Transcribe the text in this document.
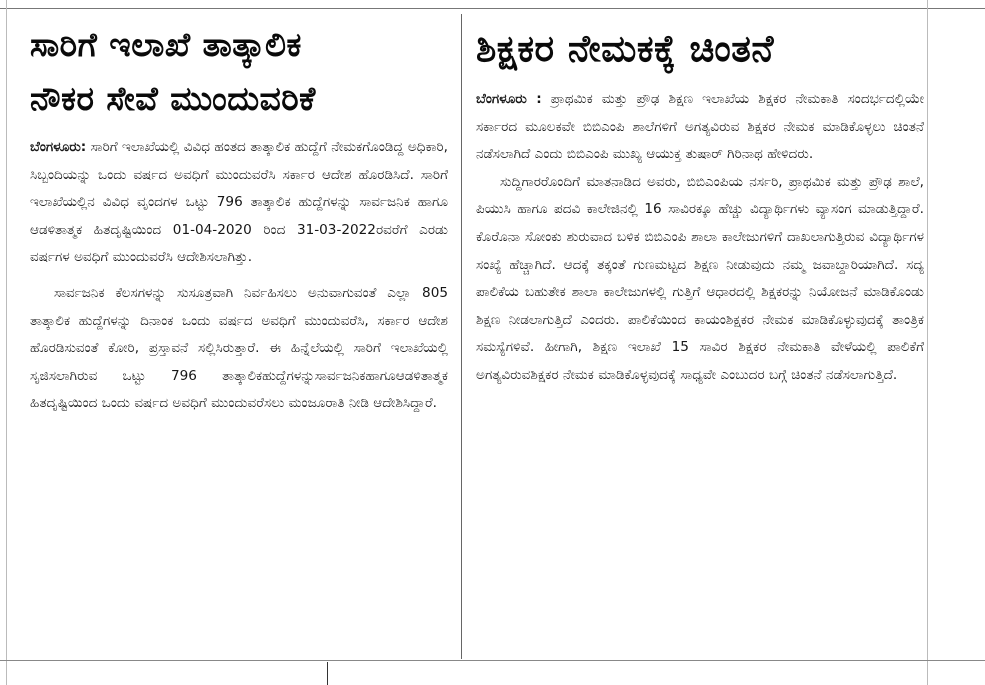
ಸಾರಿಗೆ ಇಲಾಖೆ ತಾತ್ಕಾಲಿಕ
ನೌಕರ ಸೇವೆ ಮುಂದುವರಿಕೆ

ಬೆಂಗಳೂರು: ಸಾರಿಗೆ ಇಲಾಖೆಯಲ್ಲಿ ವಿವಿಧ ಹಂತದ ತಾತ್ಕಾಲಿಕ ಹುದ್ದೆಗೆ ನೇಮಕಗೊಂಡಿದ್ದ ಅಧಿಕಾರಿ, ಸಿಬ್ಬಂದಿಯನ್ನು ಒಂದು ವರ್ಷದ ಅವಧಿಗೆ ಮುಂದುವರೆಸಿ ಸರ್ಕಾರ ಆದೇಶ ಹೊರಡಿಸಿದೆ. ಸಾರಿಗೆ ಇಲಾಖೆಯಲ್ಲಿನ ವಿವಿಧ ವೃಂದಗಳ ಒಟ್ಟು 796 ತಾತ್ಕಾಲಿಕ ಹುದ್ದೆಗಳನ್ನು ಸಾರ್ವಜನಿಕ ಹಾಗೂ ಆಡಳಿತಾತ್ಮಕ ಹಿತದೃಷ್ಟಿಯಿಂದ 01-04-2020 ರಿಂದ 31-03-2022ರವರೆಗೆ ಎರಡು ವರ್ಷಗಳ ಅವಧಿಗೆ ಮುಂದುವರೆಸಿ ಆದೇಶಿಸಲಾಗಿತ್ತು.

ಸಾರ್ವಜನಿಕ ಕೆಲಸಗಳನ್ನು ಸುಸೂತ್ರವಾಗಿ ನಿರ್ವಹಿಸಲು ಅನುವಾಗುವಂತೆ ಎಲ್ಲಾ 805 ತಾತ್ಕಾಲಿಕ ಹುದ್ದೆಗಳನ್ನು ದಿನಾಂಕ ಒಂದು ವರ್ಷದ ಅವಧಿಗೆ ಮುಂದುವರೆಸಿ, ಸರ್ಕಾರ ಆದೇಶ ಹೊರಡಿಸುವಂತೆ ಕೋರಿ, ಪ್ರಸ್ತಾವನೆ ಸಲ್ಲಿಸಿರುತ್ತಾರೆ. ಈ ಹಿನ್ನೆಲೆಯಲ್ಲಿ ಸಾರಿಗೆ ಇಲಾಖೆಯಲ್ಲಿ ಸೃಜಿಸಲಾಗಿರುವ ಒಟ್ಟು 796 ತಾತ್ಕಾಲಿಕಹುದ್ದೆಗಳನ್ನುಸಾರ್ವಜನಿಕಹಾಗೂಆಡಳಿತಾತ್ಮಕ ಹಿತದೃಷ್ಟಿಯಿಂದ ಒಂದು ವರ್ಷದ ಅವಧಿಗೆ ಮುಂದುವರೆಸಲು ಮಂಜೂರಾತಿ ನೀಡಿ ಆದೇಶಿಸಿದ್ದಾರೆ.

ಶಿಕ್ಷಕರ ನೇಮಕಕ್ಕೆ ಚಿಂತನೆ

ಬೆಂಗಳೂರು : ಪ್ರಾಥಮಿಕ ಮತ್ತು ಪ್ರೌಢ ಶಿಕ್ಷಣ ಇಲಾಖೆಯ ಶಿಕ್ಷಕರ ನೇಮಕಾತಿ ಸಂದರ್ಭದಲ್ಲಿಯೇ ಸರ್ಕಾರದ ಮೂಲಕವೇ ಬಿಬಿಎಂಪಿ ಶಾಲೆಗಳಿಗೆ ಅಗತ್ಯವಿರುವ ಶಿಕ್ಷಕರ ನೇಮಕ ಮಾಡಿಕೊಳ್ಳಲು ಚಿಂತನೆ ನಡೆಸಲಾಗಿದೆ ಎಂದು ಬಿಬಿಎಂಪಿ ಮುಖ್ಯ ಆಯುಕ್ತ ತುಷಾರ್ ಗಿರಿನಾಥ ಹೇಳಿದರು.

ಸುದ್ದಿಗಾರರೊಂದಿಗೆ ಮಾತನಾಡಿದ ಅವರು, ಬಿಬಿಎಂಪಿಯ ನರ್ಸರಿ, ಪ್ರಾಥಮಿಕ ಮತ್ತು ಪ್ರೌಢ ಶಾಲೆ, ಪಿಯುಸಿ ಹಾಗೂ ಪದವಿ ಕಾಲೇಜಿನಲ್ಲಿ 16 ಸಾವಿರಕ್ಕೂ ಹೆಚ್ಚು ವಿದ್ಯಾರ್ಥಿಗಳು ವ್ಯಾಸಂಗ ಮಾಡುತ್ತಿದ್ದಾರೆ. ಕೊರೊನಾ ಸೋಂಕು ಶುರುವಾದ ಬಳಿಕ ಬಿಬಿಎಂಪಿ ಶಾಲಾ ಕಾಲೇಜುಗಳಿಗೆ ದಾಖಲಾಗುತ್ತಿರುವ ವಿದ್ಯಾರ್ಥಿಗಳ ಸಂಖ್ಯೆ ಹೆಚ್ಚಾಗಿದೆ. ಆದಕ್ಕೆ ತಕ್ಕಂತೆ ಗುಣಮಟ್ಟದ ಶಿಕ್ಷಣ ನೀಡುವುದು ನಮ್ಮ ಜವಾಬ್ದಾರಿಯಾಗಿದೆ. ಸದ್ಯ ಪಾಲಿಕೆಯ ಬಹುತೇಕ ಶಾಲಾ ಕಾಲೇಜುಗಳಲ್ಲಿ ಗುತ್ತಿಗೆ ಆಧಾರದಲ್ಲಿ ಶಿಕ್ಷಕರನ್ನು ನಿಯೋಜನೆ ಮಾಡಿಕೊಂಡು ಶಿಕ್ಷಣ ನೀಡಲಾಗುತ್ತಿದೆ ಎಂದರು. ಪಾಲಿಕೆಯಿಂದ ಕಾಯಂಶಿಕ್ಷಕರ ನೇಮಕ ಮಾಡಿಕೊಳ್ಳುವುದಕ್ಕೆ ತಾಂತ್ರಿಕ ಸಮಸ್ಯೆಗಳಿವೆ. ಹೀಗಾಗಿ, ಶಿಕ್ಷಣ ಇಲಾಖೆ 15 ಸಾವಿರ ಶಿಕ್ಷಕರ ನೇಮಕಾತಿ ವೇಳೆಯಲ್ಲಿ ಪಾಲಿಕೆಗೆ ಅಗತ್ಯವಿರುವಶಿಕ್ಷಕರ ನೇಮಕ ಮಾಡಿಕೊಳ್ಳವುದಕ್ಕೆ ಸಾಧ್ಯವೇ ಎಂಬುದರ ಬಗ್ಗೆ ಚಿಂತನೆ ನಡೆಸಲಾಗುತ್ತಿದೆ.
